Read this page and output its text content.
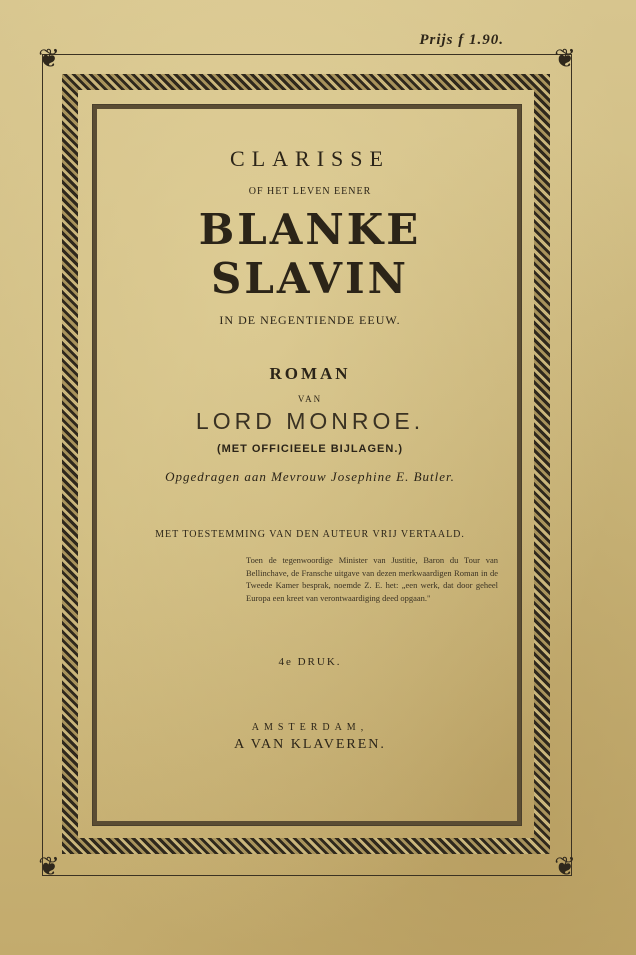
Prijs f 1.90.
❦	❦
❦	❦
CLARISSE
OF HET LEVEN EENER
BLANKE SLAVIN
IN DE NEGENTIENDE EEUW.
ROMAN
VAN
LORD MONROE.
(MET OFFICIEELE BIJLAGEN.)
Opgedragen aan Mevrouw Josephine E. Butler.
MET TOESTEMMING VAN DEN AUTEUR VRIJ VERTAALD.
Toen de tegenwoordige Minister van Justitie, Baron du Tour van Bellinchave, de Fransche uitgave van dezen merkwaardigen Roman in de Tweede Kamer besprak, noemde Z. E. het: „een werk, dat door geheel Europa een kreet van verontwaardiging deed opgaan."
4e DRUK.
AMSTERDAM,
A VAN KLAVEREN.
